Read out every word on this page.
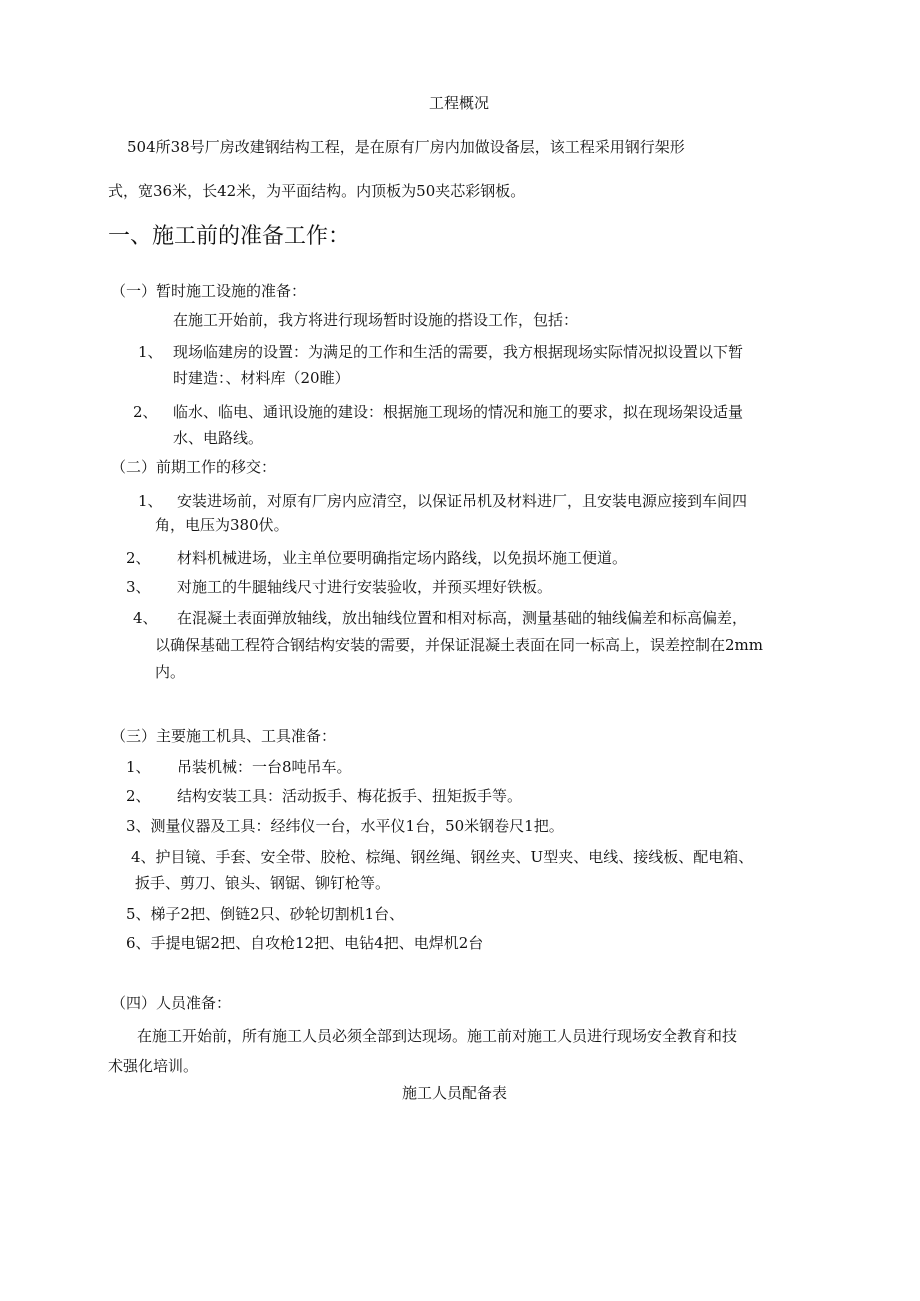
工程概况
504所38号厂房改建钢结构工程，是在原有厂房内加做设备层，该工程采用钢行架形
式，宽36米，长42米，为平面结构。内顶板为50夹芯彩钢板。
一、施工前的准备工作：
（一）暂时施工设施的准备：
在施工开始前，我方将进行现场暂时设施的搭设工作，包括：
1、 现场临建房的设置：为满足的工作和生活的需要，我方根据现场实际情况拟设置以下暂
时建造：、材料库（20睢）
2、 临水、临电、通讯设施的建设：根据施工现场的情况和施工的要求，拟在现场架设适量
水、电路线。
（二）前期工作的移交：
1、 安装进场前，对原有厂房内应清空，以保证吊机及材料进厂，且安装电源应接到车间四
角，电压为380伏。
2、 材料机械进场，业主单位要明确指定场内路线，以免损坏施工便道。
3、 对施工的牛腿轴线尺寸进行安装验收，并预买埋好铁板。
4、 在混凝土表面弹放轴线，放出轴线位置和相对标高，测量基础的轴线偏差和标高偏差，
以确保基础工程符合钢结构安装的需要，并保证混凝土表面在同一标高上，误差控制在2mm
内。
（三）主要施工机具、工具准备：
1、 吊装机械：一台8吨吊车。
2、 结构安装工具：活动扳手、梅花扳手、扭矩扳手等。
3、测量仪器及工具：经纬仪一台，水平仪1台，50米钢卷尺1把。
4、护目镜、手套、安全带、胶枪、棕绳、钢丝绳、钢丝夹、U型夹、电线、接线板、配电箱、
扳手、剪刀、锒头、钢锯、铆钉枪等。
5、梯子2把、倒链2只、砂轮切割机1台、
6、手提电锯2把、自攻枪12把、电钻4把、电焊机2台
（四）人员准备：
在施工开始前，所有施工人员必须全部到达现场。施工前对施工人员进行现场安全教育和技
术强化培训。
施工人员配备表
